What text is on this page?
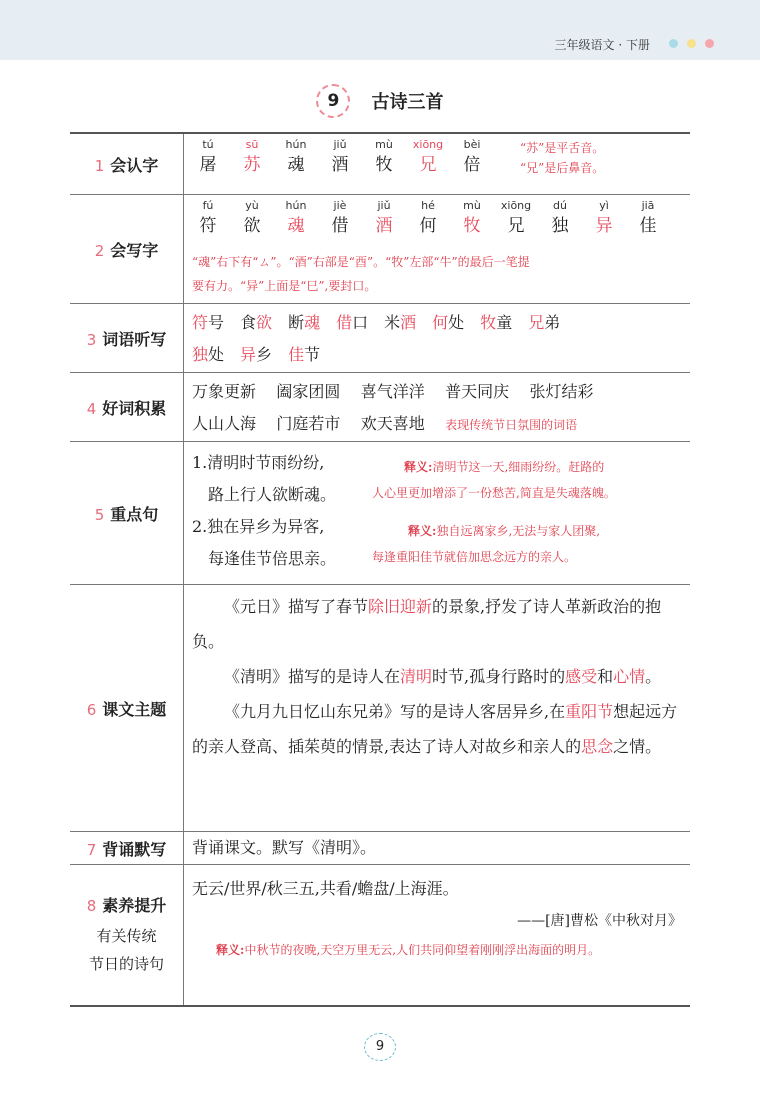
三年级语文 · 下册
9 古诗三首
1 会认字
tú
屠
sū
苏
hún
魂
jiǔ
酒
mù
牧
xiōng
兄
bèi
倍
“苏”是平舌音。
“兄”是后鼻音。
2 会写字
fú
符
yù
欲
hún
魂
jiè
借
jiǔ
酒
hé
何
mù
牧
xiōng
兄
dú
独
yì
异
jiā
佳
“魂”右下有“ㄙ”。“酒”右部是“酉”。“牧”左部“牛”的最后一笔提
要有力。“异”上面是“巳”,要封口。
3 词语听写
符号 食欲 断魂 借口 米酒 何处 牧童 兄弟
独处 异乡 佳节
4 好词积累
万象更新 阖家团圆 喜气洋洋 普天同庆 张灯结彩
人山人海 门庭若市 欢天喜地 表现传统节日氛围的词语
5 重点句
1.清明时节雨纷纷,
路上行人欲断魂。
2.独在异乡为异客,
每逢佳节倍思亲。
释义:清明节这一天,细雨纷纷。赶路的
人心里更加增添了一份愁苦,简直是失魂落魄。
释义:独自远离家乡,无法与家人团聚,
每逢重阳佳节就倍加思念远方的亲人。
6 课文主题
《元日》描写了春节除旧迎新的景象,抒发了诗人革新政治的抱负。
《清明》描写的是诗人在清明时节,孤身行路时的感受和心情。
《九月九日忆山东兄弟》写的是诗人客居异乡,在重阳节想起远方的亲人登高、插茱萸的情景,表达了诗人对故乡和亲人的思念之情。
7 背诵默写 背诵课文。默写《清明》。
8 素养提升
有关传统
节日的诗句
无云/世界/秋三五,共看/蟾盘/上海涯。
——[唐]曹松《中秋对月》
释义:中秋节的夜晚,天空万里无云,人们共同仰望着刚刚浮出海面的明月。
9
